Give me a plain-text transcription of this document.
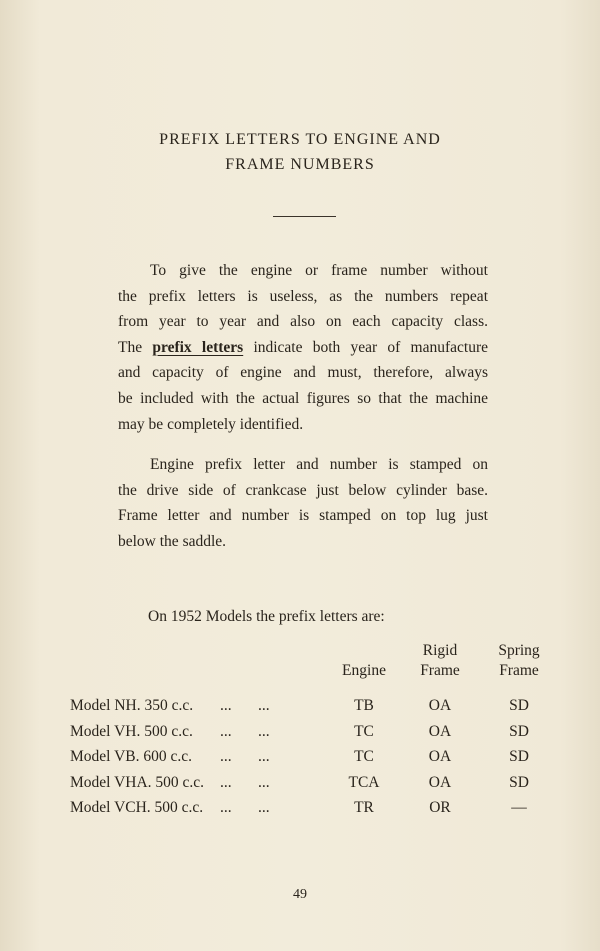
PREFIX LETTERS TO ENGINE AND
FRAME NUMBERS
To give the engine or frame number without
the prefix letters is useless, as the numbers repeat
from year to year and also on each capacity class.
The prefix letters indicate both year of manufacture
and capacity of engine and must, therefore, always
be included with the actual figures so that the machine
may be completely identified.
Engine prefix letter and number is stamped on
the drive side of crankcase just below cylinder base.
Frame letter and number is stamped on top lug just
below the saddle.
On 1952 Models the prefix letters are:
				Rigid	Spring
			Engine	Frame	Frame

Model NH. 350 c.c.	...	...	TB	OA	SD
Model VH. 500 c.c.	...	...	TC	OA	SD
Model VB. 600 c.c.	...	...	TC	OA	SD
Model VHA. 500 c.c.	...	...	TCA	OA	SD
Model VCH. 500 c.c.	...	...	TR	OR	—
49
